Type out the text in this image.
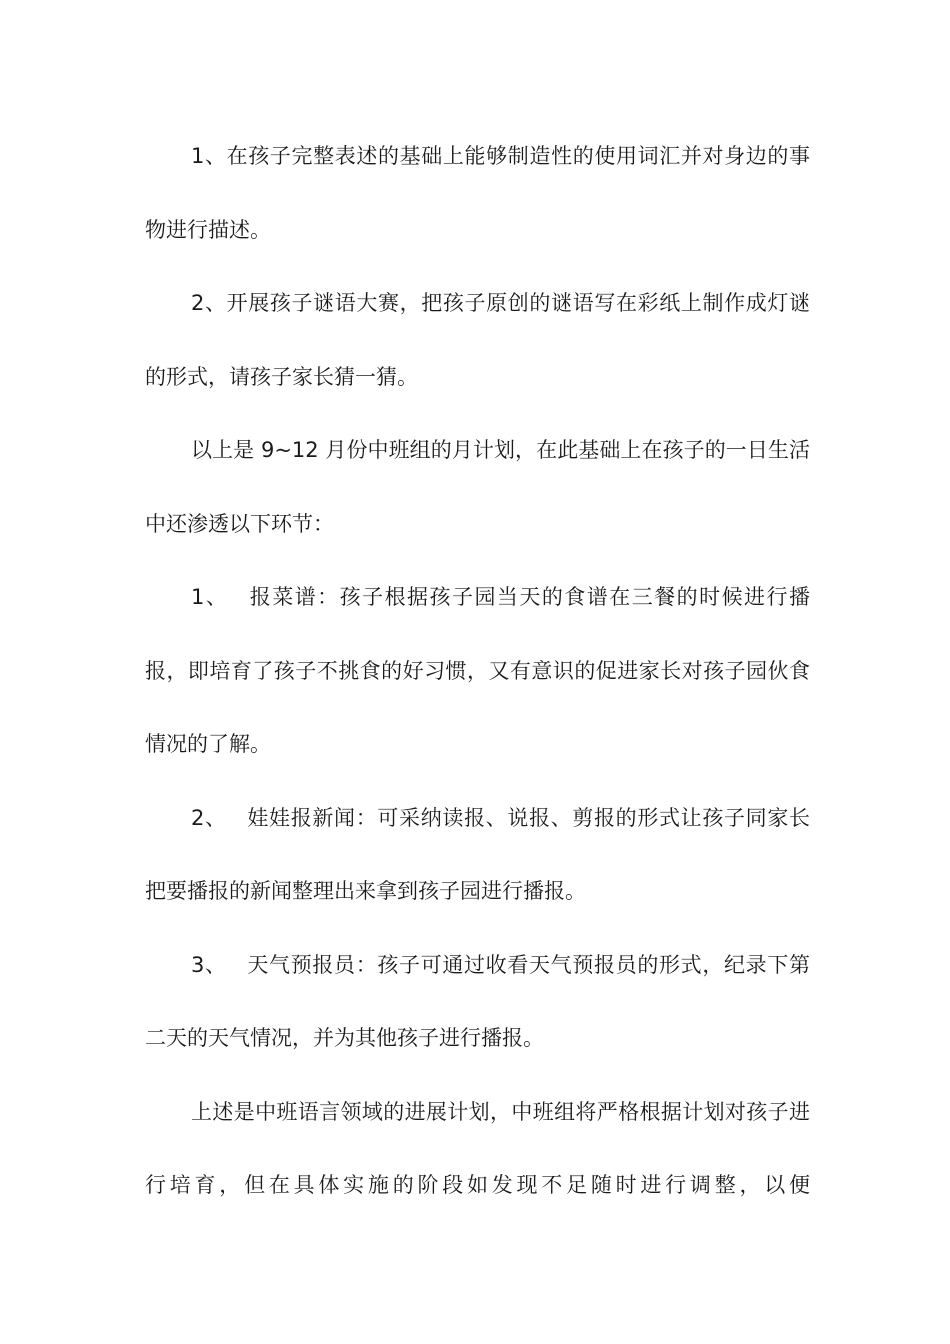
1、在孩子完整表述的基础上能够制造性的使用词汇并对身边的事物进行描述。

2、开展孩子谜语大赛，把孩子原创的谜语写在彩纸上制作成灯谜的形式，请孩子家长猜一猜。

以上是 9~12 月份中班组的月计划，在此基础上在孩子的一日生活中还渗透以下环节：

1、 报菜谱：孩子根据孩子园当天的食谱在三餐的时候进行播报，即培育了孩子不挑食的好习惯，又有意识的促进家长对孩子园伙食情况的了解。

2、 娃娃报新闻：可采纳读报、说报、剪报的形式让孩子同家长把要播报的新闻整理出来拿到孩子园进行播报。

3、 天气预报员：孩子可通过收看天气预报员的形式，纪录下第二天的天气情况，并为其他孩子进行播报。

上述是中班语言领域的进展计划，中班组将严格根据计划对孩子进行培育，但在具体实施的阶段如发现不足随时进行调整，以便
